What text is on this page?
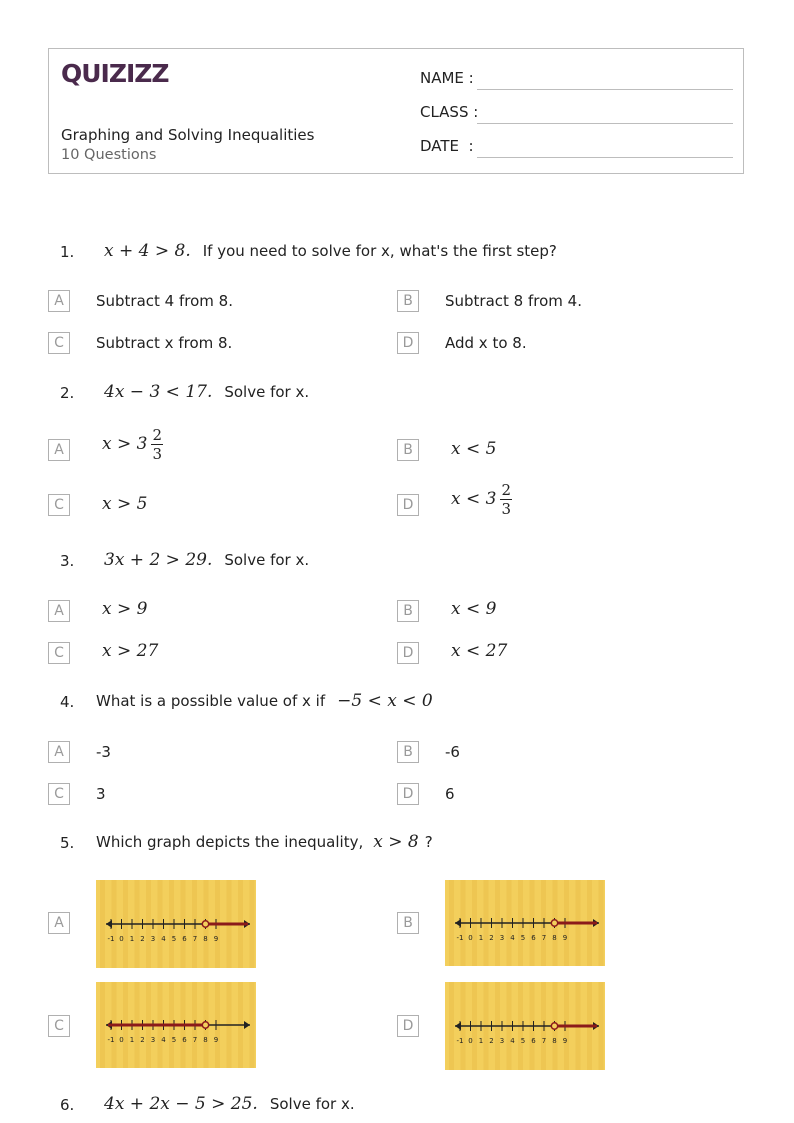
QUIZIZZ
Graphing and Solving Inequalities
10 Questions
NAME :
CLASS :
DATE  :
1.	x + 4 > 8. If you need to solve for x, what's the first step?
A	Subtract 4 from 8.	B	Subtract 8 from 4.
C	Subtract x from 8.	D	Add x to 8.
2.	4x − 3 < 17. Solve for x.
A	$x > 3 \frac{2}{3}$	B	x < 5
C	x > 5	D	$x < 3 \frac{2}{3}$
3.	3x + 2 > 29. Solve for x.
A	x > 9	B	x < 9
C	x > 27	D	x < 27
4. What is a possible value of x if −5 < x < 0
A	-3	B	-6
C	3	D	6
5. Which graph depicts the inequality, x > 8 ?
A
-1 0 1 2 3 4 5 6 7 8 9
B
-1 0 1 2 3 4 5 6 7 8 9
C
-1 0 1 2 3 4 5 6 7 8 9
D
-1 0 1 2 3 4 5 6 7 8 9
6.	4x + 2x − 5 > 25. Solve for x.
